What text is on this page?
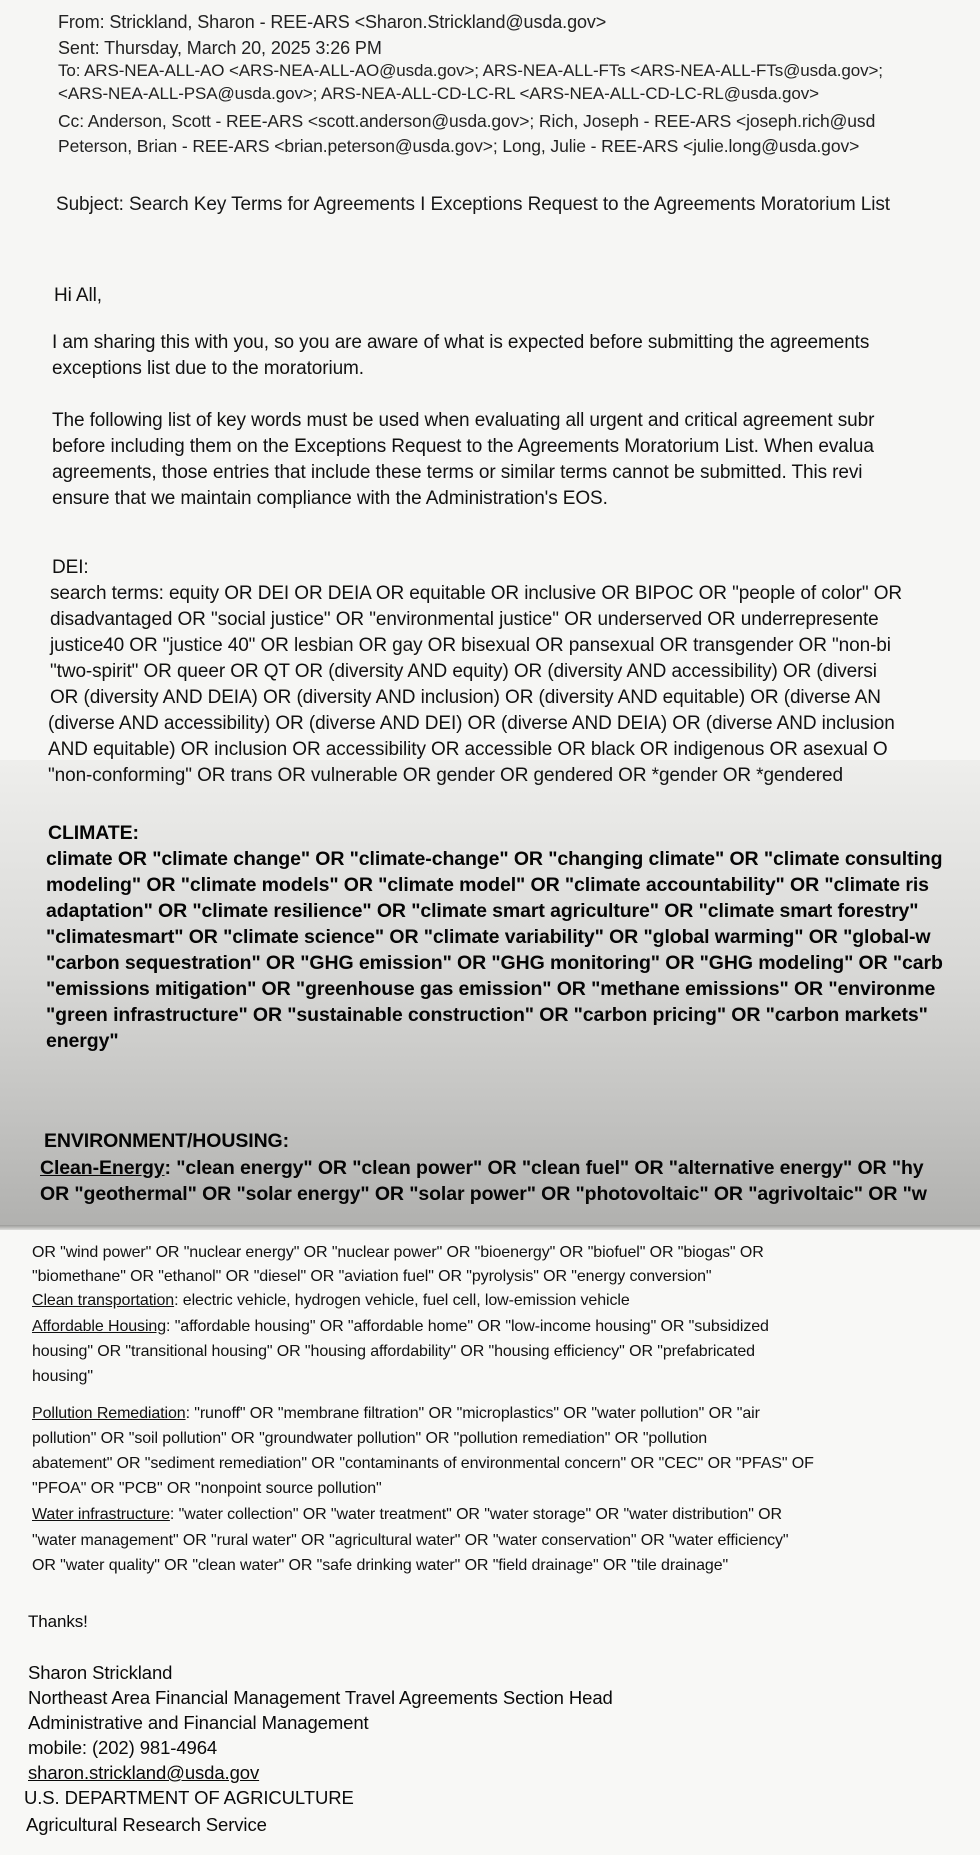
From: Strickland, Sharon - REE-ARS <Sharon.Strickland@usda.gov>
Sent: Thursday, March 20, 2025 3:26 PM
To: ARS-NEA-ALL-AO <ARS-NEA-ALL-AO@usda.gov>; ARS-NEA-ALL-FTs <ARS-NEA-ALL-FTs@usda.gov>;
<ARS-NEA-ALL-PSA@usda.gov>; ARS-NEA-ALL-CD-LC-RL <ARS-NEA-ALL-CD-LC-RL@usda.gov>
Cc: Anderson, Scott - REE-ARS <scott.anderson@usda.gov>; Rich, Joseph - REE-ARS <joseph.rich@usd
Peterson, Brian - REE-ARS <brian.peterson@usda.gov>; Long, Julie - REE-ARS <julie.long@usda.gov>
Subject: Search Key Terms for Agreements I Exceptions Request to the Agreements Moratorium List
Hi All,
I am sharing this with you, so you are aware of what is expected before submitting the agreements
exceptions list due to the moratorium.
The following list of key words must be used when evaluating all urgent and critical agreement subr
before including them on the Exceptions Request to the Agreements Moratorium List. When evalua
agreements, those entries that include these terms or similar terms cannot be submitted. This revi
ensure that we maintain compliance with the Administration's EOS.
DEI:
search terms: equity OR DEI OR DEIA OR equitable OR inclusive OR BIPOC OR "people of color" OR
disadvantaged OR "social justice" OR "environmental justice" OR underserved OR underrepresente
justice40 OR "justice 40" OR lesbian OR gay OR bisexual OR pansexual OR transgender OR "non-bi
"two-spirit" OR queer OR QT OR (diversity AND equity) OR (diversity AND accessibility) OR (diversi
OR (diversity AND DEIA) OR (diversity AND inclusion) OR (diversity AND equitable) OR (diverse AN
(diverse AND accessibility) OR (diverse AND DEI) OR (diverse AND DEIA) OR (diverse AND inclusion
AND equitable) OR inclusion OR accessibility OR accessible OR black OR indigenous OR asexual O
"non-conforming" OR trans OR vulnerable OR gender OR gendered OR *gender OR *gendered
CLIMATE:
climate OR "climate change" OR "climate-change" OR "changing climate" OR "climate consulting
modeling" OR "climate models" OR "climate model" OR "climate accountability" OR "climate ris
adaptation" OR "climate resilience" OR "climate smart agriculture" OR "climate smart forestry"
"climatesmart" OR "climate science" OR "climate variability" OR "global warming" OR "global-w
"carbon sequestration" OR "GHG emission" OR "GHG monitoring" OR "GHG modeling" OR "carb
"emissions mitigation" OR "greenhouse gas emission" OR "methane emissions" OR "environme
"green infrastructure" OR "sustainable construction" OR "carbon pricing" OR "carbon markets"
energy"
ENVIRONMENT/HOUSING:
Clean-Energy: "clean energy" OR "clean power" OR "clean fuel" OR "alternative energy" OR "hy
OR "geothermal" OR "solar energy" OR "solar power" OR "photovoltaic" OR "agrivoltaic" OR "w
OR "wind power" OR "nuclear energy" OR "nuclear power" OR "bioenergy" OR "biofuel" OR "biogas" OR
"biomethane" OR "ethanol" OR "diesel" OR "aviation fuel" OR "pyrolysis" OR "energy conversion"
Clean transportation: electric vehicle, hydrogen vehicle, fuel cell, low-emission vehicle
Affordable Housing: "affordable housing" OR "affordable home" OR "low-income housing" OR "subsidized
housing" OR "transitional housing" OR "housing affordability" OR "housing efficiency" OR "prefabricated
housing"
Pollution Remediation: "runoff" OR "membrane filtration" OR "microplastics" OR "water pollution" OR "air
pollution" OR "soil pollution" OR "groundwater pollution" OR "pollution remediation" OR "pollution
abatement" OR "sediment remediation" OR "contaminants of environmental concern" OR "CEC" OR "PFAS" OF
"PFOA" OR "PCB" OR "nonpoint source pollution"
Water infrastructure: "water collection" OR "water treatment" OR "water storage" OR "water distribution" OR
"water management" OR "rural water" OR "agricultural water" OR "water conservation" OR "water efficiency"
OR "water quality" OR "clean water" OR "safe drinking water" OR "field drainage" OR "tile drainage"
Thanks!
Sharon Strickland
Northeast Area Financial Management Travel Agreements Section Head
Administrative and Financial Management
mobile: (202) 981-4964
sharon.strickland@usda.gov
U.S. DEPARTMENT OF AGRICULTURE
Agricultural Research Service
